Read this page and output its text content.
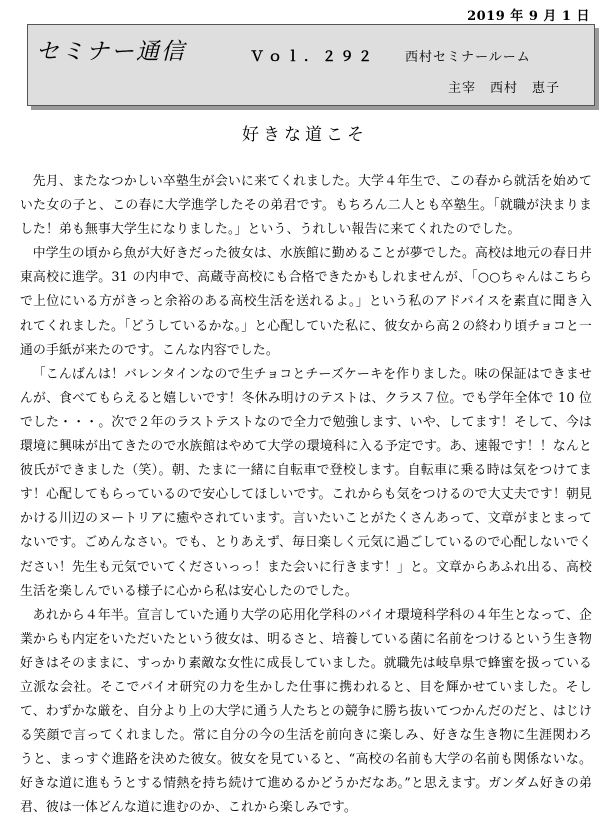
2019 年 9 月 1 日
セミナー通信	Ｖｏｌ．２９２ 西村セミナールーム
主宰　西村　恵子
好きな道こそ

先月、またなつかしい卒塾生が会いに来てくれました。大学４年生で、この春から就活を始めていた女の子と、この春に大学進学したその弟君です。もちろん二人とも卒塾生。「就職が決まりました！弟も無事大学生になりました。」という、うれしい報告に来てくれたのでした。

中学生の頃から魚が大好きだった彼女は、水族館に勤めることが夢でした。高校は地元の春日井東高校に進学。31 の内申で、高蔵寺高校にも合格できたかもしれませんが、「○○ちゃんはこちらで上位にいる方がきっと余裕のある高校生活を送れるよ。」という私のアドバイスを素直に聞き入れてくれました。「どうしているかな。」と心配していた私に、彼女から高２の終わり頃チョコと一通の手紙が来たのです。こんな内容でした。

「こんばんは！バレンタインなので生チョコとチーズケーキを作りました。味の保証はできませんが、食べてもらえると嬉しいです！冬休み明けのテストは、クラス７位。でも学年全体で 10 位でした・・・。次で２年のラストテストなので全力で勉強します、いや、してます！そして、今は環境に興味が出てきたので水族館はやめて大学の環境科に入る予定です。あ、速報です！！なんと彼氏ができました（笑）。朝、たまに一緒に自転車で登校します。自転車に乗る時は気をつけてます！心配してもらっているので安心してほしいです。これからも気をつけるので大丈夫です！朝見かける川辺のヌートリアに癒やされています。言いたいことがたくさんあって、文章がまとまってないです。ごめんなさい。でも、とりあえず、毎日楽しく元気に過ごしているので心配しないでください！先生も元気でいてくださいっっ！また会いに行きます！」と。文章からあふれ出る、高校生活を楽しんでいる様子に心から私は安心したのでした。

あれから４年半。宣言していた通り大学の応用化学科のバイオ環境科学科の４年生となって、企業からも内定をいただいたという彼女は、明るさと、培養している菌に名前をつけるという生き物好きはそのままに、すっかり素敵な女性に成長していました。就職先は岐阜県で蜂蜜を扱っている立派な会社。そこでバイオ研究の力を生かした仕事に携われると、目を輝かせていました。そして、わずかな厳を、自分より上の大学に通う人たちとの競争に勝ち抜いてつかんだのだと、はじける笑顔で言ってくれました。常に自分の今の生活を前向きに楽しみ、好きな生き物に生涯関わろうと、まっすぐ進路を決めた彼女。彼女を見ていると、“高校の名前も大学の名前も関係ないな。好きな道に進もうとする情熱を持ち続けて進めるかどうかだなあ。”と思えます。ガンダム好きの弟君、彼は一体どんな道に進むのか、これから楽しみです。
